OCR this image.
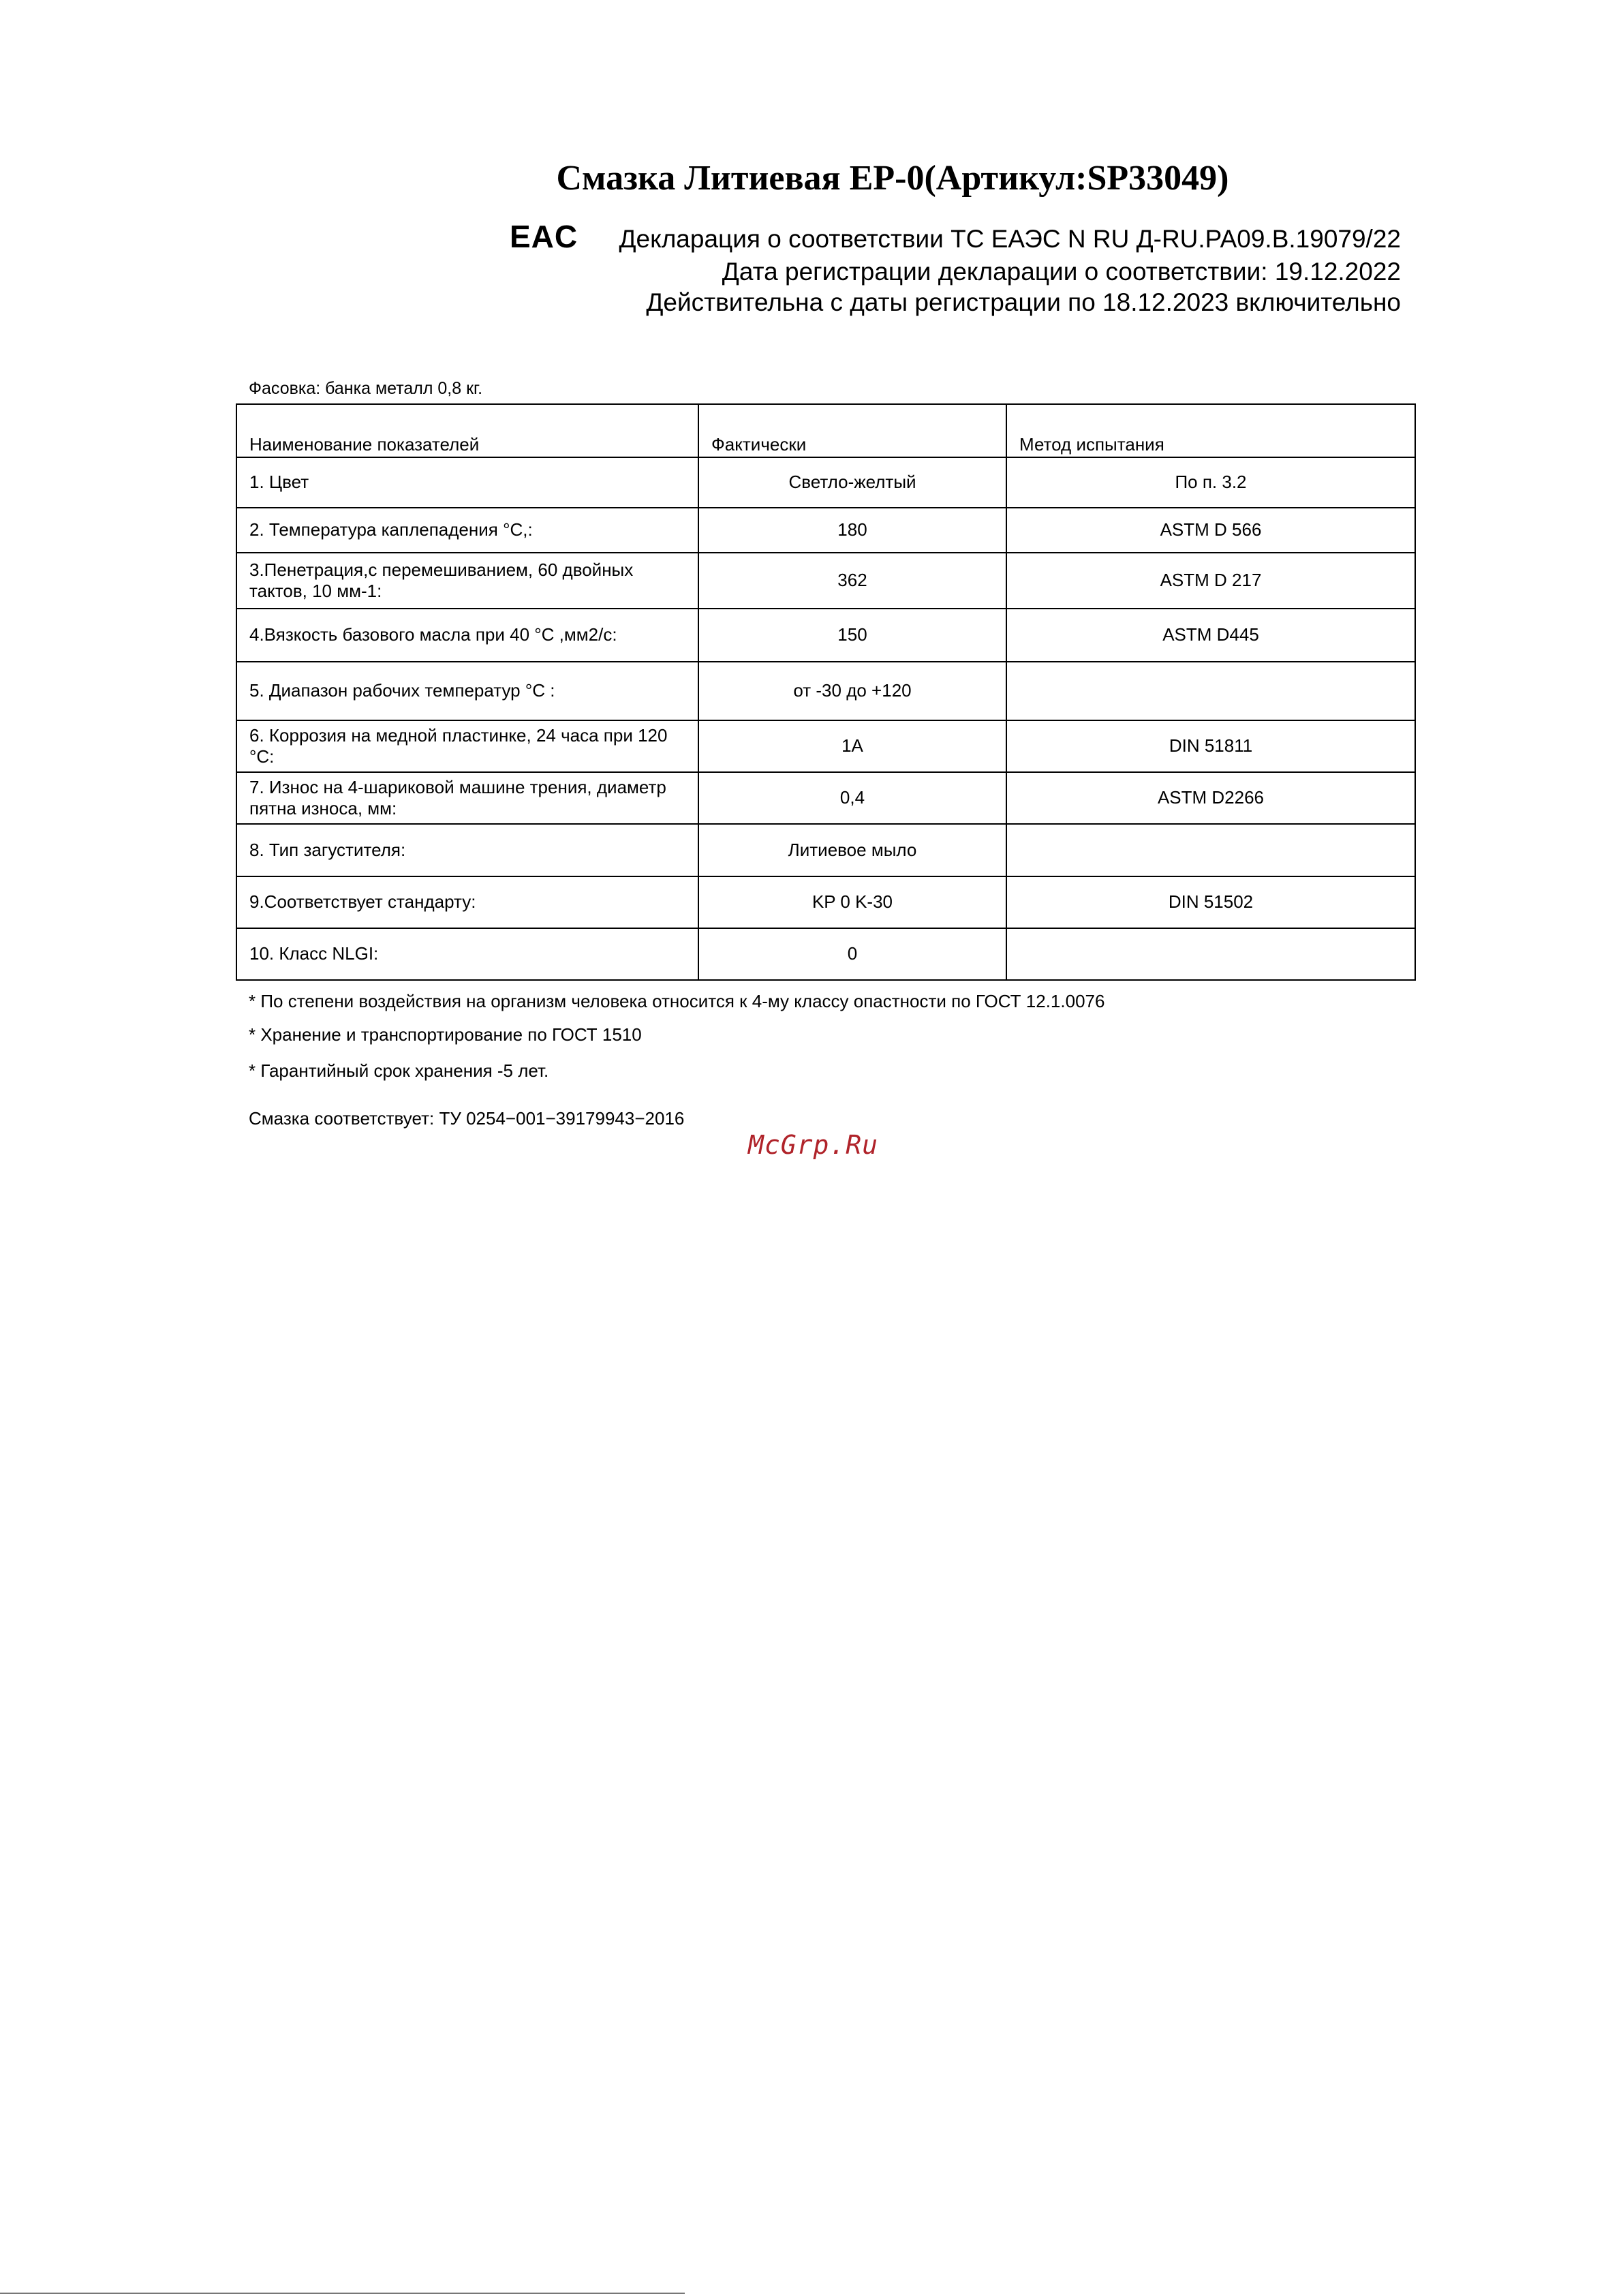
Смазка Литиевая EP-0(Артикул:SP33049)
EAC Декларация о соответствии ТС ЕАЭС N RU Д-RU.PA09.B.19079/22
Дата регистрации декларации о соответствии: 19.12.2022
Действительна с даты регистрации по 18.12.2023 включительно
Фасовка: банка металл 0,8 кг.
Наименование показателей	Фактически	Метод испытания
1. Цвет	Светло-желтый	По п. 3.2
2. Температура каплепадения °C,:	180	ASTM D 566
3.Пенетрация,с перемешиванием, 60 двойных тактов, 10 мм-1:	362	ASTM D 217
4.Вязкость базового масла при 40 °C ,мм2/с:	150	ASTM D445
5. Диапазон рабочих температур °C :	от -30 до +120	
6. Коррозия на медной пластинке, 24 часа при 120 °C:	1A	DIN 51811
7. Износ на 4-шариковой машине трения, диаметр пятна износа, мм:	0,4	ASTM D2266
8. Тип загустителя:	Литиевое мыло	
9.Соответствует стандарту:	KP 0 K-30	DIN 51502
10. Класс NLGI:	0	
* По степени воздействия на организм человека относится к 4-му классу опастности по ГОСТ 12.1.0076
* Хранение и транспортирование по ГОСТ 1510
* Гарантийный срок хранения -5 лет.
Смазка соответствует: ТУ 0254−001−39179943−2016
McGrp.Ru
